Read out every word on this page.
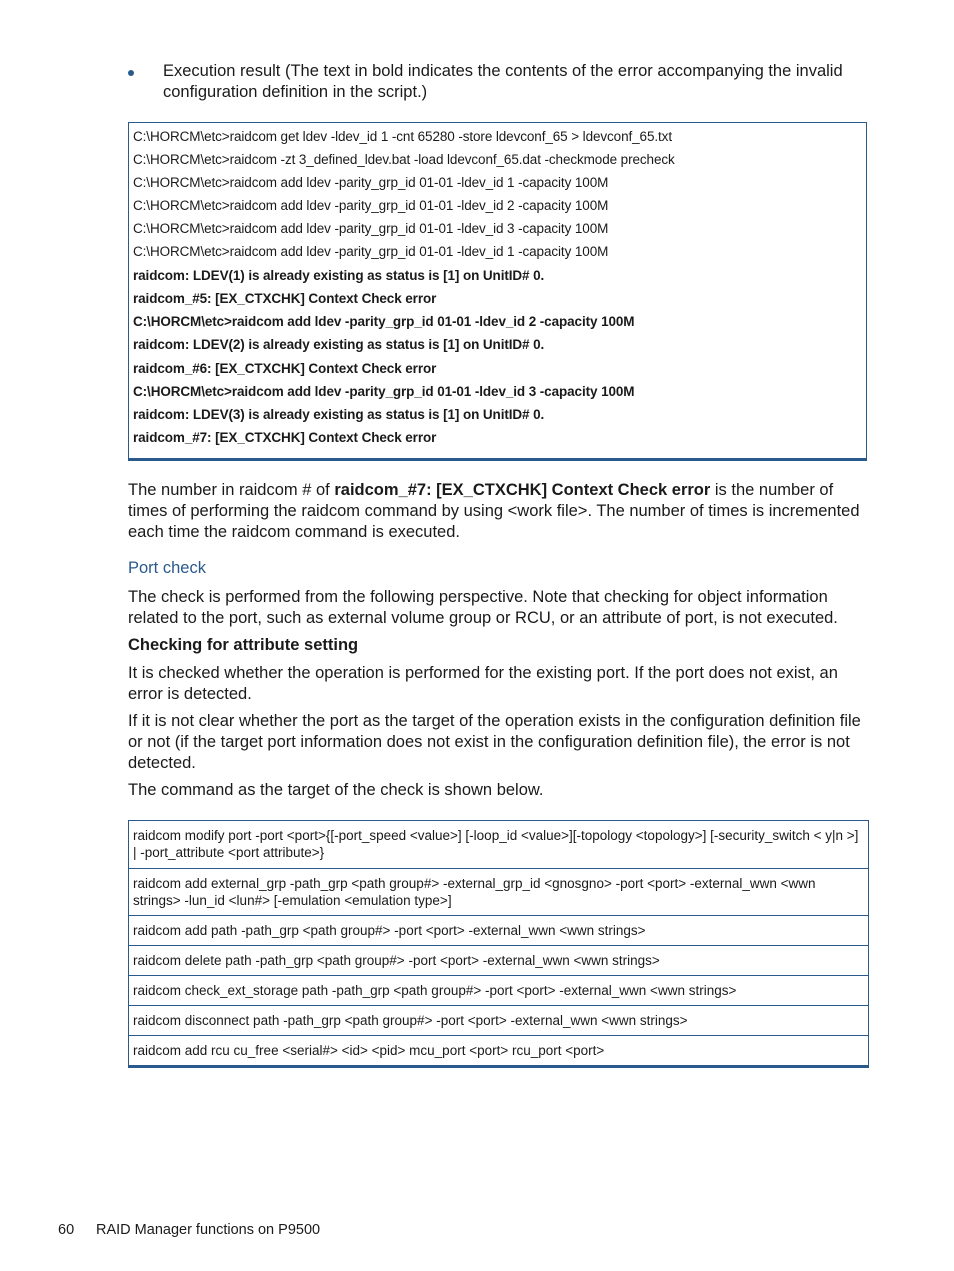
Execution result (The text in bold indicates the contents of the error accompanying the invalid configuration definition in the script.)
C:\HORCM\etc>raidcom get ldev -ldev_id 1 -cnt 65280 -store ldevconf_65 > ldevconf_65.txt
C:\HORCM\etc>raidcom -zt 3_defined_ldev.bat -load ldevconf_65.dat -checkmode precheck
C:\HORCM\etc>raidcom add ldev -parity_grp_id 01-01 -ldev_id 1 -capacity 100M
C:\HORCM\etc>raidcom add ldev -parity_grp_id 01-01 -ldev_id 2 -capacity 100M
C:\HORCM\etc>raidcom add ldev -parity_grp_id 01-01 -ldev_id 3 -capacity 100M
C:\HORCM\etc>raidcom add ldev -parity_grp_id 01-01 -ldev_id 1 -capacity 100M
raidcom: LDEV(1) is already existing as status is [1] on UnitID# 0.
raidcom_#5: [EX_CTXCHK] Context Check error
C:\HORCM\etc>raidcom add ldev -parity_grp_id 01-01 -ldev_id 2 -capacity 100M
raidcom: LDEV(2) is already existing as status is [1] on UnitID# 0.
raidcom_#6: [EX_CTXCHK] Context Check error
C:\HORCM\etc>raidcom add ldev -parity_grp_id 01-01 -ldev_id 3 -capacity 100M
raidcom: LDEV(3) is already existing as status is [1] on UnitID# 0.
raidcom_#7: [EX_CTXCHK] Context Check error
The number in raidcom # of raidcom_#7: [EX_CTXCHK] Context Check error is the number of times of performing the raidcom command by using <work file>. The number of times is incremented each time the raidcom command is executed.
Port check
The check is performed from the following perspective. Note that checking for object information related to the port, such as external volume group or RCU, or an attribute of port, is not executed.
Checking for attribute setting
It is checked whether the operation is performed for the existing port. If the port does not exist, an error is detected.
If it is not clear whether the port as the target of the operation exists in the configuration definition file or not (if the target port information does not exist in the configuration definition file), the error is not detected.
The command as the target of the check is shown below.
raidcom modify port -port <port>{[-port_speed <value>] [-loop_id <value>][-topology <topology>] [-security_switch < y|n >] | -port_attribute <port attribute>}
raidcom add external_grp -path_grp <path group#> -external_grp_id <gnosgno> -port <port> -external_wwn <wwn strings> -lun_id <lun#> [-emulation <emulation type>]
raidcom add path -path_grp <path group#> -port <port> -external_wwn <wwn strings>
raidcom delete path -path_grp <path group#> -port <port> -external_wwn <wwn strings>
raidcom check_ext_storage path -path_grp <path group#> -port <port> -external_wwn <wwn strings>
raidcom disconnect path -path_grp <path group#> -port <port> -external_wwn <wwn strings>
raidcom add rcu cu_free <serial#> <id> <pid> mcu_port <port> rcu_port <port>
60 RAID Manager functions on P9500
